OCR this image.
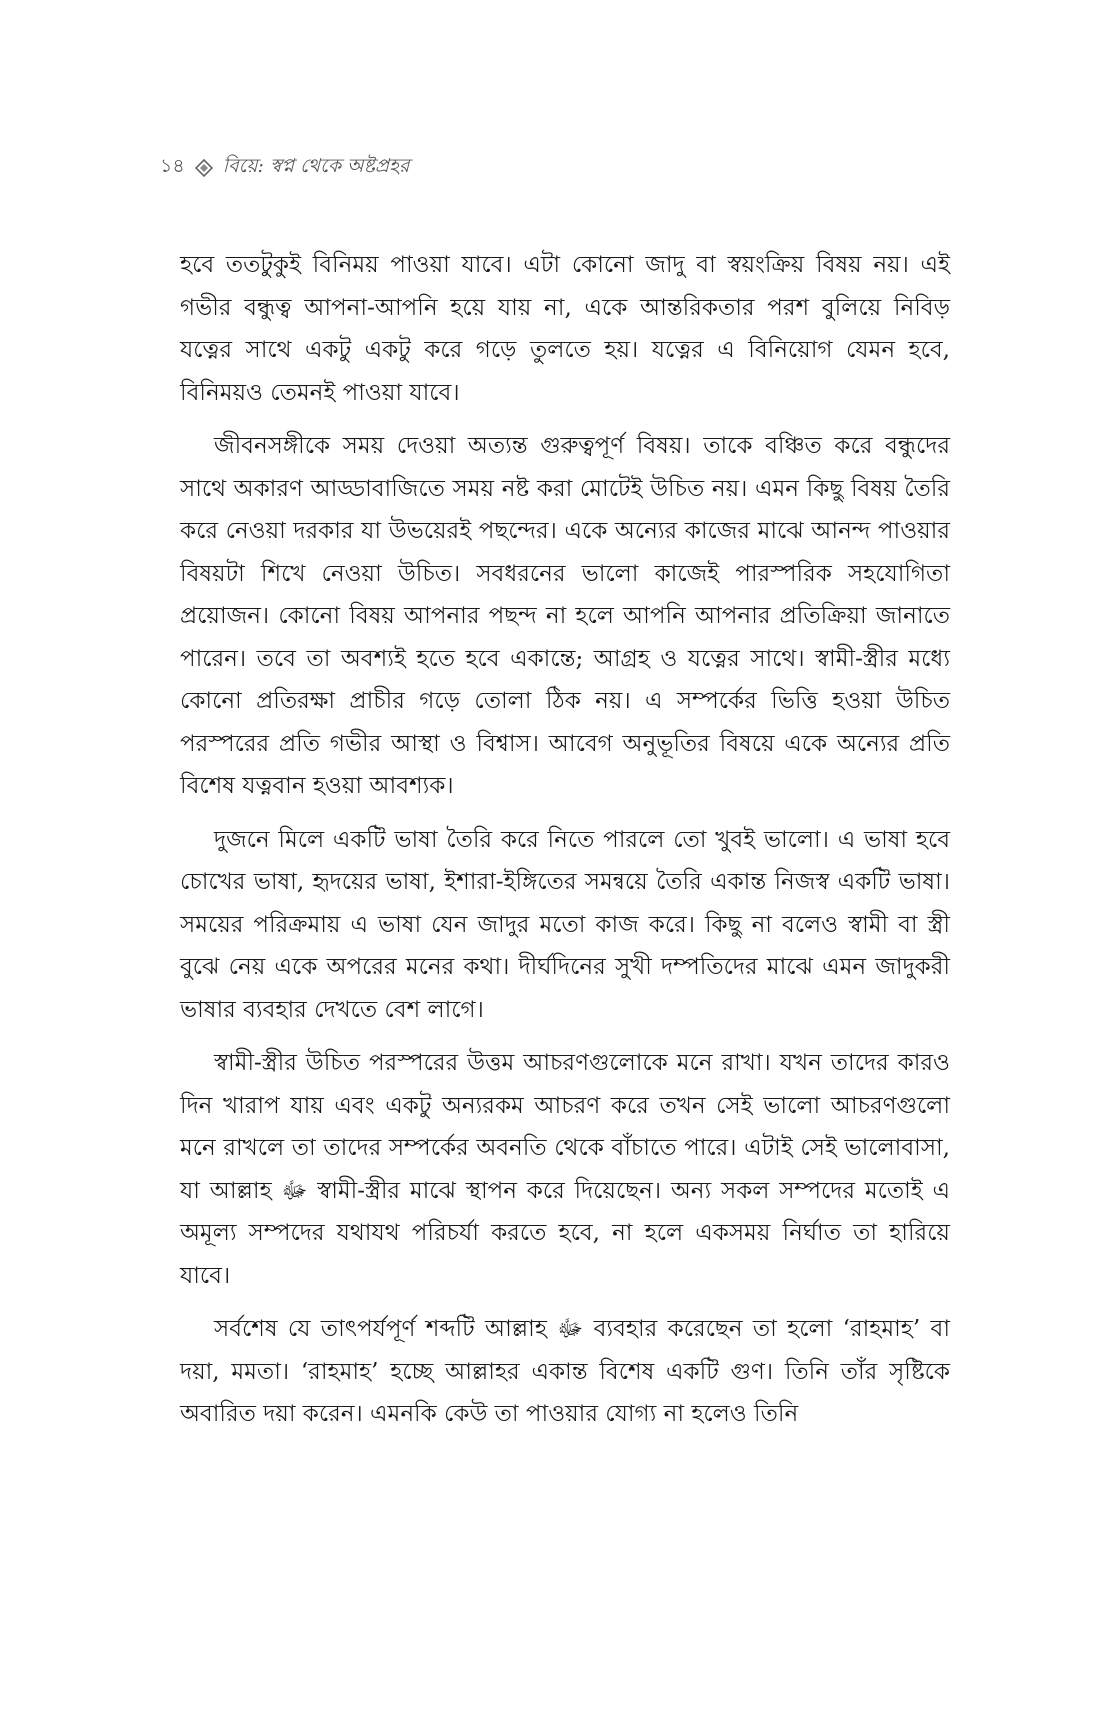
১৪ বিয়ে: স্বপ্ন থেকে অষ্টপ্রহর

হবে ততটুকুই বিনিময় পাওয়া যাবে। এটা কোনো জাদু বা স্বয়ংক্রিয় বিষয় নয়। এই গভীর বন্ধুত্ব আপনা-আপনি হয়ে যায় না, একে আন্তরিকতার পরশ বুলিয়ে নিবিড় যত্নের সাথে একটু একটু করে গড়ে তুলতে হয়। যত্নের এ বিনিয়োগ যেমন হবে, বিনিময়ও তেমনই পাওয়া যাবে।

জীবনসঙ্গীকে সময় দেওয়া অত্যন্ত গুরুত্বপূর্ণ বিষয়। তাকে বঞ্চিত করে বন্ধুদের সাথে অকারণ আড্ডাবাজিতে সময় নষ্ট করা মোটেই উচিত নয়। এমন কিছু বিষয় তৈরি করে নেওয়া দরকার যা উভয়েরই পছন্দের। একে অন্যের কাজের মাঝে আনন্দ পাওয়ার বিষয়টা শিখে নেওয়া উচিত। সবধরনের ভালো কাজেই পারস্পরিক সহযোগিতা প্রয়োজন। কোনো বিষয় আপনার পছন্দ না হলে আপনি আপনার প্রতিক্রিয়া জানাতে পারেন। তবে তা অবশ্যই হতে হবে একান্তে; আগ্রহ ও যত্নের সাথে। স্বামী-স্ত্রীর মধ্যে কোনো প্রতিরক্ষা প্রাচীর গড়ে তোলা ঠিক নয়। এ সম্পর্কের ভিত্তি হওয়া উচিত পরস্পরের প্রতি গভীর আস্থা ও বিশ্বাস। আবেগ অনুভূতির বিষয়ে একে অন্যের প্রতি বিশেষ যত্নবান হওয়া আবশ্যক।

দুজনে মিলে একটি ভাষা তৈরি করে নিতে পারলে তো খুবই ভালো। এ ভাষা হবে চোখের ভাষা, হৃদয়ের ভাষা, ইশারা-ইঙ্গিতের সমন্বয়ে তৈরি একান্ত নিজস্ব একটি ভাষা। সময়ের পরিক্রমায় এ ভাষা যেন জাদুর মতো কাজ করে। কিছু না বলেও স্বামী বা স্ত্রী বুঝে নেয় একে অপরের মনের কথা। দীর্ঘদিনের সুখী দম্পতিদের মাঝে এমন জাদুকরী ভাষার ব্যবহার দেখতে বেশ লাগে।

স্বামী-স্ত্রীর উচিত পরস্পরের উত্তম আচরণগুলোকে মনে রাখা। যখন তাদের কারও দিন খারাপ যায় এবং একটু অন্যরকম আচরণ করে তখন সেই ভালো আচরণগুলো মনে রাখলে তা তাদের সম্পর্কের অবনতি থেকে বাঁচাতে পারে। এটাই সেই ভালোবাসা, যা আল্লাহ ﷻ স্বামী-স্ত্রীর মাঝে স্থাপন করে দিয়েছেন। অন্য সকল সম্পদের মতোই এ অমূল্য সম্পদের যথাযথ পরিচর্যা করতে হবে, না হলে একসময় নির্ঘাত তা হারিয়ে যাবে।

সর্বশেষ যে তাৎপর্যপূর্ণ শব্দটি আল্লাহ ﷻ ব্যবহার করেছেন তা হলো ‘রাহমাহ’ বা দয়া, মমতা। ‘রাহমাহ’ হচ্ছে আল্লাহর একান্ত বিশেষ একটি গুণ। তিনি তাঁর সৃষ্টিকে অবারিত দয়া করেন। এমনকি কেউ তা পাওয়ার যোগ্য না হলেও তিনি
